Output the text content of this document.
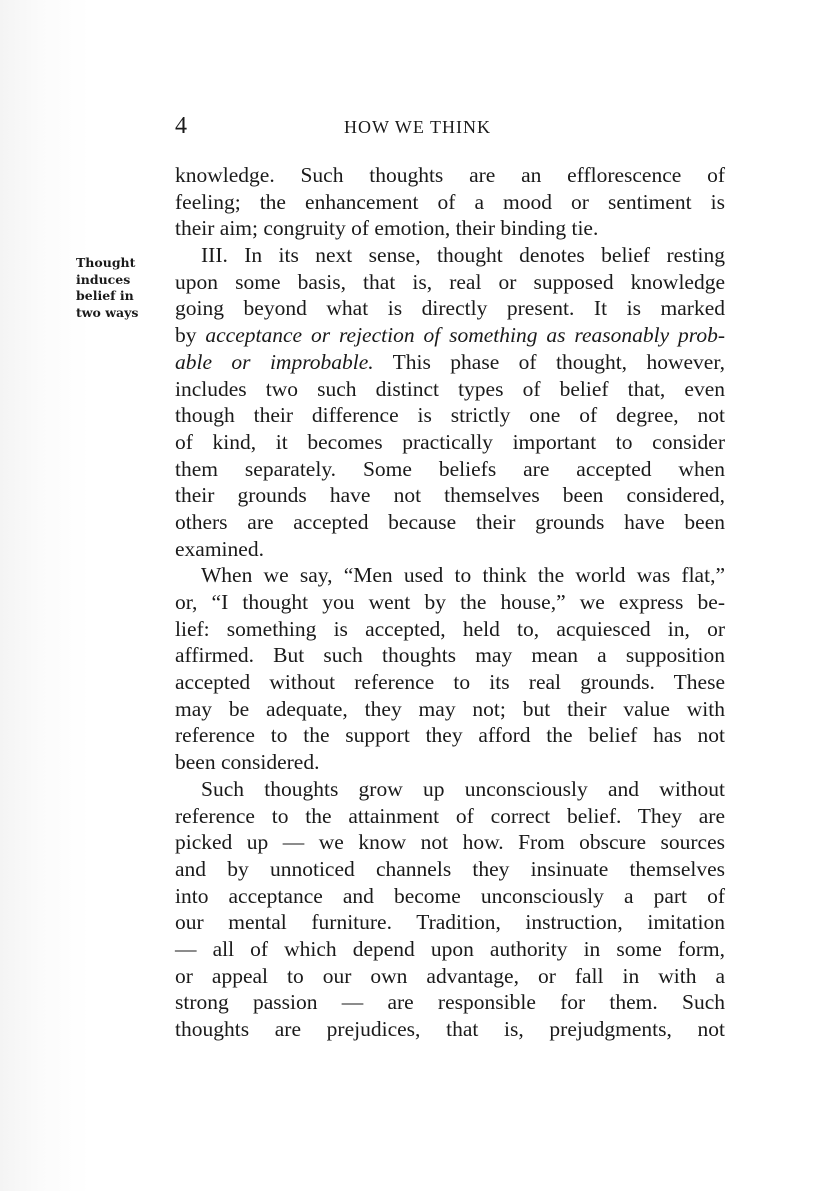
4	HOW WE THINK
Thought
induces
belief in
two ways
knowledge. Such thoughts are an efflorescence of
feeling; the enhancement of a mood or sentiment is
their aim; congruity of emotion, their binding tie.
III. In its next sense, thought denotes belief resting
upon some basis, that is, real or supposed knowledge
going beyond what is directly present. It is marked
by acceptance or rejection of something as reasonably prob-
able or improbable. This phase of thought, however,
includes two such distinct types of belief that, even
though their difference is strictly one of degree, not
of kind, it becomes practically important to consider
them separately. Some beliefs are accepted when
their grounds have not themselves been considered,
others are accepted because their grounds have been
examined.
When we say, “Men used to think the world was flat,”
or, “I thought you went by the house,” we express be-
lief: something is accepted, held to, acquiesced in, or
affirmed. But such thoughts may mean a supposition
accepted without reference to its real grounds. These
may be adequate, they may not; but their value with
reference to the support they afford the belief has not
been considered.
Such thoughts grow up unconsciously and without
reference to the attainment of correct belief. They are
picked up — we know not how. From obscure sources
and by unnoticed channels they insinuate themselves
into acceptance and become unconsciously a part of
our mental furniture. Tradition, instruction, imitation
— all of which depend upon authority in some form,
or appeal to our own advantage, or fall in with a
strong passion — are responsible for them. Such
thoughts are prejudices, that is, prejudgments, not
